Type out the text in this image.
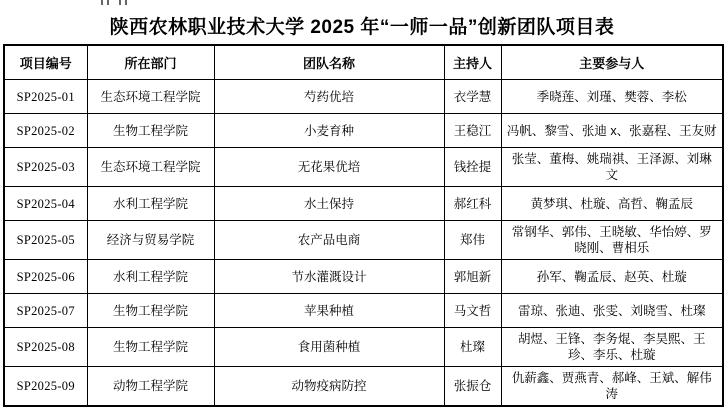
陕西农林职业技术大学 2025 年“一师一品”创新团队项目表
项目编号	所在部门	团队名称	主持人	主要参与人
SP2025-01	生态环境工程学院	芍药优培	衣学慧	季晓莲、刘瑾、樊蓉、李松
SP2025-02	生物工程学院	小麦育种	王稳江	冯帆、黎雪、张迪 x、张嘉程、王友财
SP2025-03	生态环境工程学院	无花果优培	钱拴提	张莹、董梅、姚瑞祺、王泽源、刘琳文
SP2025-04	水利工程学院	水土保持	郝红科	黄梦琪、杜璇、高哲、鞠孟辰
SP2025-05	经济与贸易学院	农产品电商	郑伟	常钢华、郭伟、王晓敏、华怡婷、罗晓刚、曹相乐
SP2025-06	水利工程学院	节水灌溉设计	郭旭新	孙军、鞠孟辰、赵英、杜璇
SP2025-07	生物工程学院	苹果种植	马文哲	雷琼、张迪、张雯、刘晓雪、杜璨
SP2025-08	生物工程学院	食用菌种植	杜璨	胡煜、王锋、李务焜、李昊熙、王珍、李乐、杜璇
SP2025-09	动物工程学院	动物疫病防控	张振仓	仇薪鑫、贾燕青、郝峰、王斌、解伟涛
